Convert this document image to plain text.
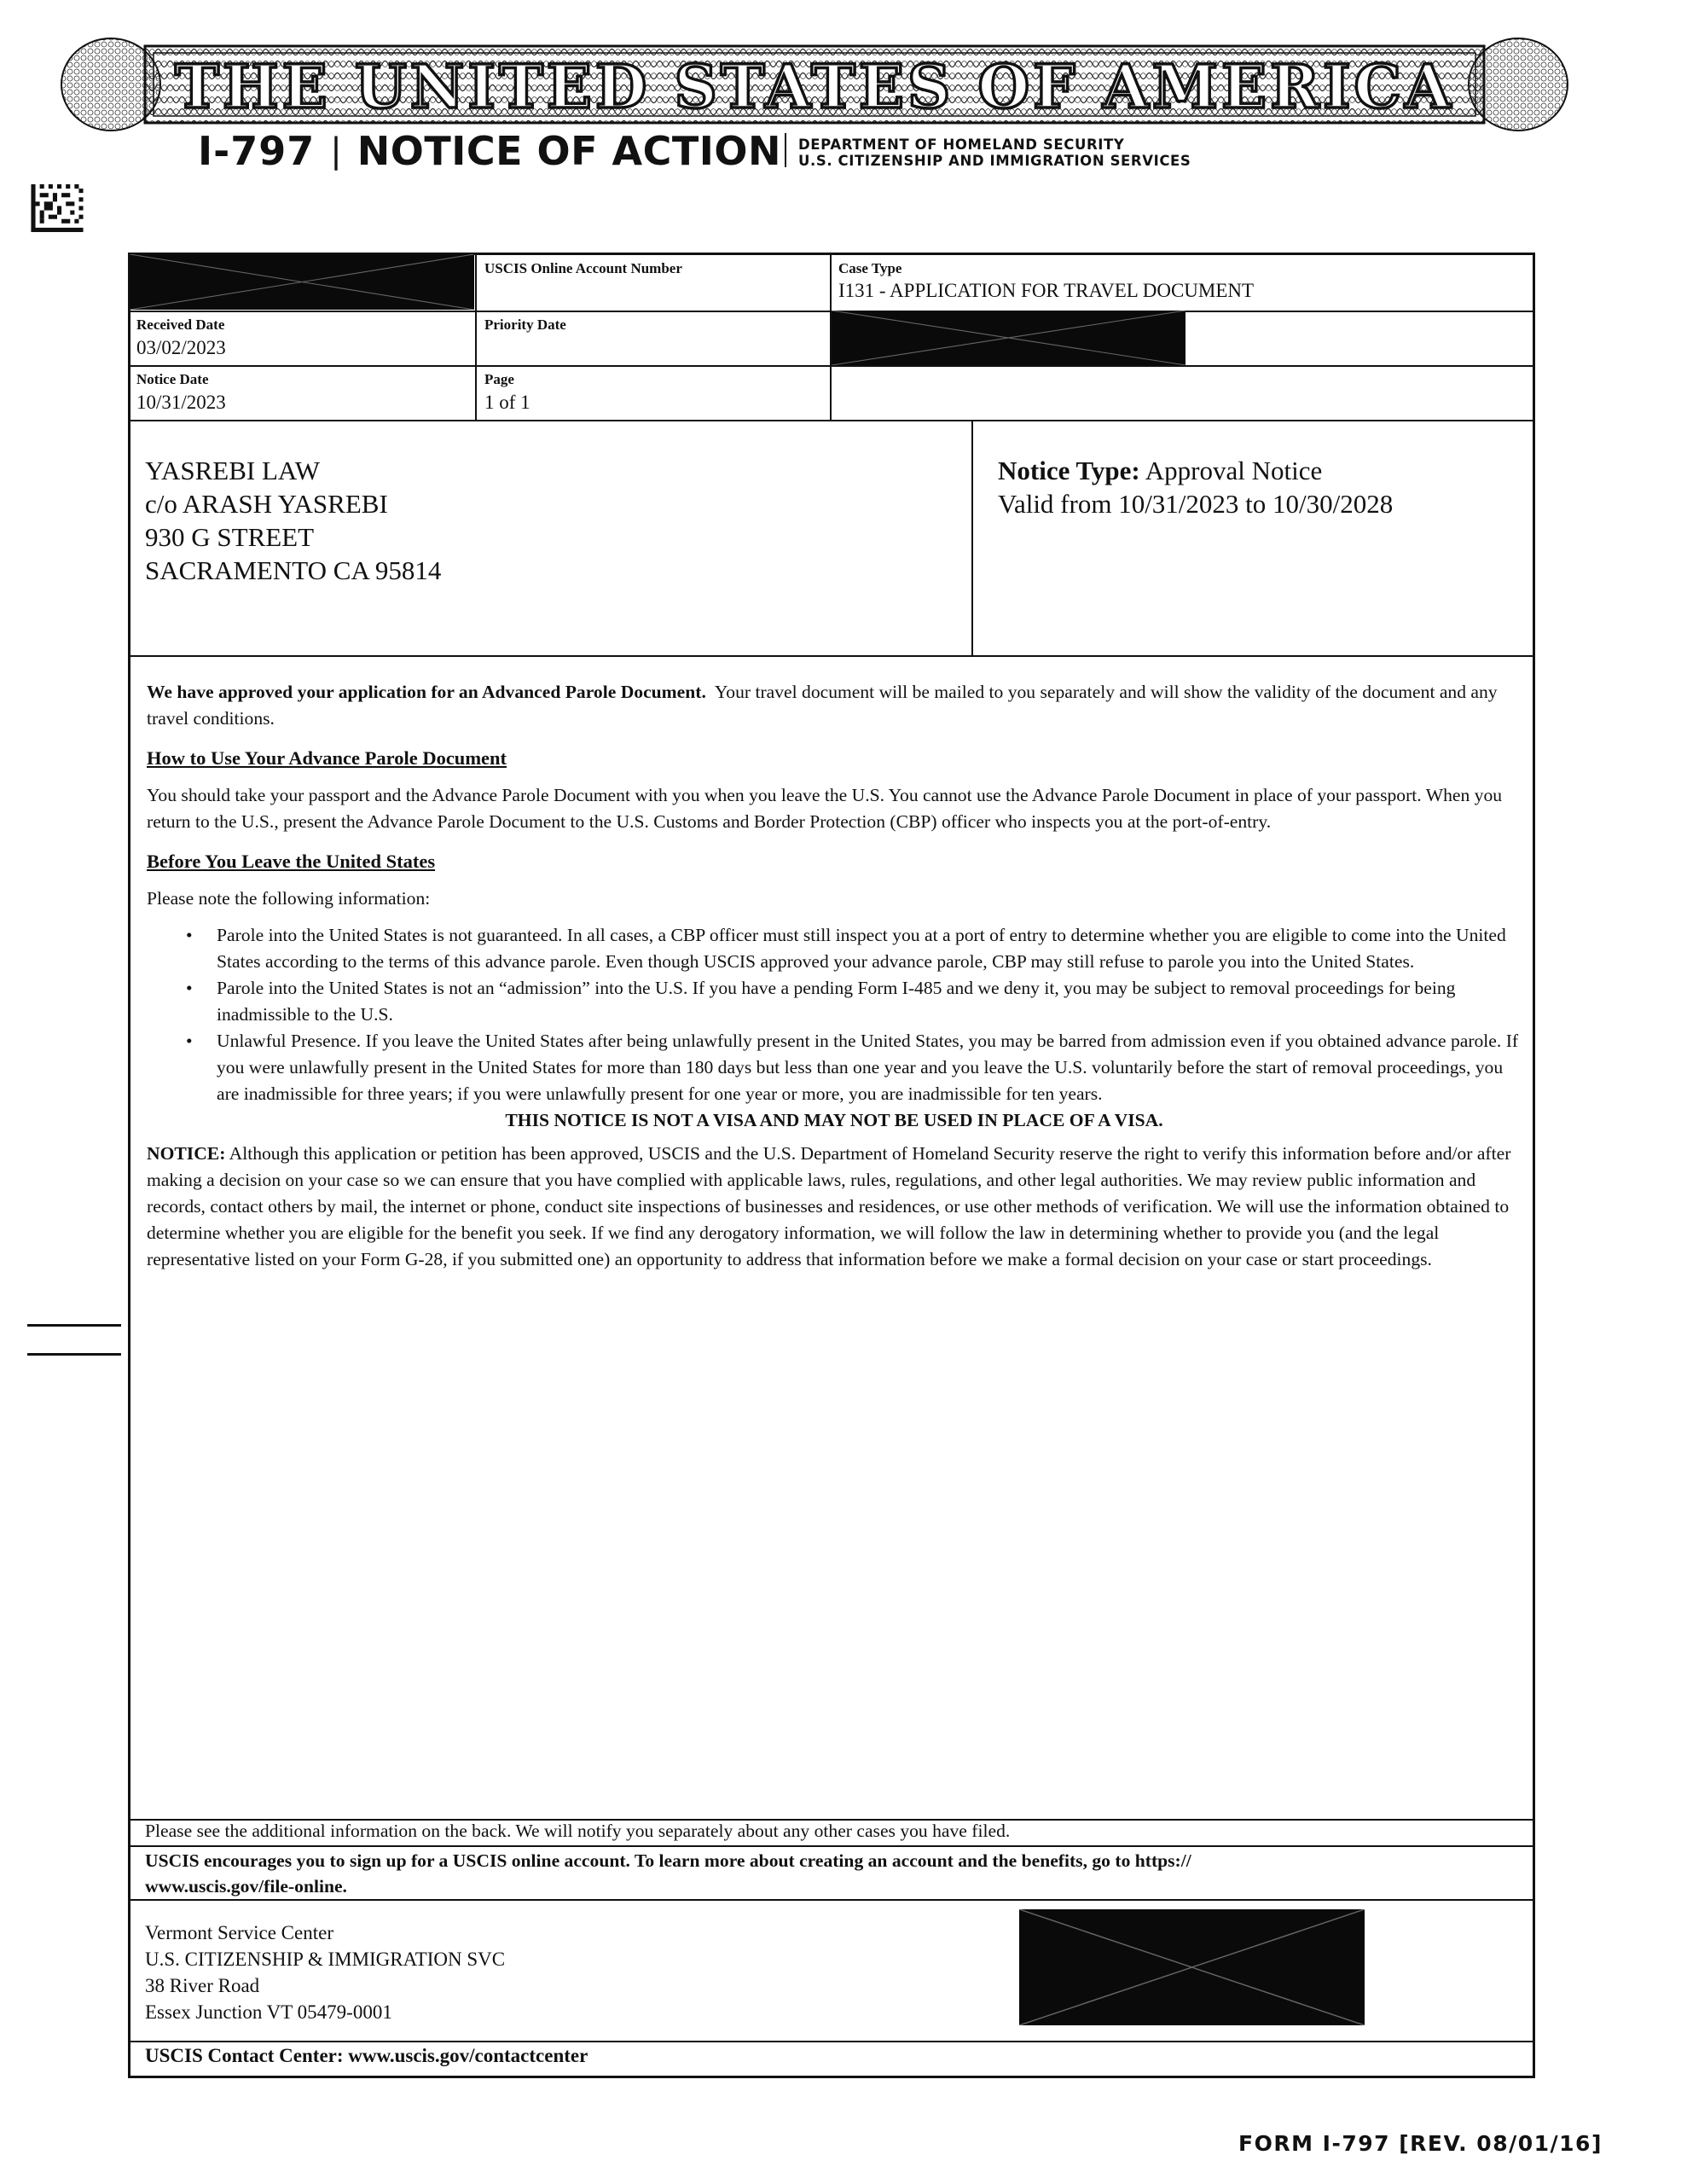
THE UNITED STATES OF AMERICA
I-797 | NOTICE OF ACTION DEPARTMENT OF HOMELAND SECURITY
U.S. CITIZENSHIP AND IMMIGRATION SERVICES
USCIS Online Account Number	Case Type
I131 - APPLICATION FOR TRAVEL DOCUMENT
Received Date
03/02/2023
Priority Date
Notice Date
10/31/2023
Page
1 of 1
YASREBI LAW
c/o ARASH YASREBI
930 G STREET
SACRAMENTO CA 95814
Notice Type: Approval Notice
Valid from 10/31/2023 to 10/30/2028

We have approved your application for an Advanced Parole Document. Your travel document will be mailed to you separately and will show the validity of the document and any travel conditions.

How to Use Your Advance Parole Document

You should take your passport and the Advance Parole Document with you when you leave the U.S. You cannot use the Advance Parole Document in place of your passport. When you return to the U.S., present the Advance Parole Document to the U.S. Customs and Border Protection (CBP) officer who inspects you at the port-of-entry.

Before You Leave the United States

Please note the following information:

• Parole into the United States is not guaranteed. In all cases, a CBP officer must still inspect you at a port of entry to determine whether you are eligible to come into the United States according to the terms of this advance parole. Even though USCIS approved your advance parole, CBP may still refuse to parole you into the United States.
• Parole into the United States is not an “admission” into the U.S. If you have a pending Form I-485 and we deny it, you may be subject to removal proceedings for being inadmissible to the U.S.
• Unlawful Presence. If you leave the United States after being unlawfully present in the United States, you may be barred from admission even if you obtained advance parole. If you were unlawfully present in the United States for more than 180 days but less than one year and you leave the U.S. voluntarily before the start of removal proceedings, you are inadmissible for three years; if you were unlawfully present for one year or more, you are inadmissible for ten years.
THIS NOTICE IS NOT A VISA AND MAY NOT BE USED IN PLACE OF A VISA.

NOTICE: Although this application or petition has been approved, USCIS and the U.S. Department of Homeland Security reserve the right to verify this information before and/or after making a decision on your case so we can ensure that you have complied with applicable laws, rules, regulations, and other legal authorities. We may review public information and records, contact others by mail, the internet or phone, conduct site inspections of businesses and residences, or use other methods of verification. We will use the information obtained to determine whether you are eligible for the benefit you seek. If we find any derogatory information, we will follow the law in determining whether to provide you (and the legal representative listed on your Form G-28, if you submitted one) an opportunity to address that information before we make a formal decision on your case or start proceedings.

Please see the additional information on the back. We will notify you separately about any other cases you have filed.
USCIS encourages you to sign up for a USCIS online account. To learn more about creating an account and the benefits, go to https://
www.uscis.gov/file-online.
Vermont Service Center
U.S. CITIZENSHIP & IMMIGRATION SVC
38 River Road
Essex Junction VT 05479-0001
USCIS Contact Center: www.uscis.gov/contactcenter
FORM I-797 [REV. 08/01/16]
